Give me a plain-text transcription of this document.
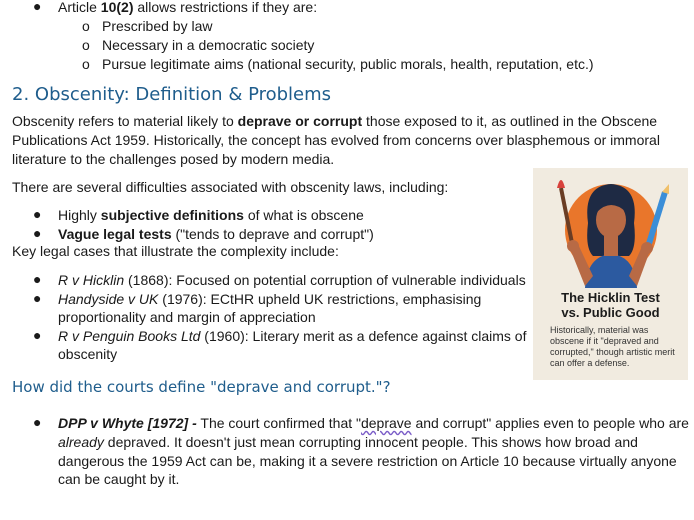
● Article 10(2) allows restrictions if they are:
o Prescribed by law
o Necessary in a democratic society
o Pursue legitimate aims (national security, public morals, health, reputation, etc.)
2. Obscenity: Definition & Problems
Obscenity refers to material likely to deprave or corrupt those exposed to it, as outlined in the Obscene
Publications Act 1959. Historically, the concept has evolved from concerns over blasphemous or immoral
literature to the challenges posed by modern media.
There are several difficulties associated with obscenity laws, including:
● Highly subjective definitions of what is obscene
● Vague legal tests ("tends to deprave and corrupt")
Key legal cases that illustrate the complexity include:
● R v Hicklin (1868): Focused on potential corruption of vulnerable individuals
● Handyside v UK (1976): ECtHR upheld UK restrictions, emphasising
proportionality and margin of appreciation
● R v Penguin Books Ltd (1960): Literary merit as a defence against claims of
obscenity
The Hicklin Test
vs. Public Good
Historically, material was obscene if it "depraved and corrupted," though artistic merit can offer a defense.
How did the courts define "deprave and corrupt."?
● DPP v Whyte [1972] - The court confirmed that "deprave and corrupt" applies even to people who are
already depraved. It doesn't just mean corrupting innocent people. This shows how broad and
dangerous the 1959 Act can be, making it a severe restriction on Article 10 because virtually anyone
can be caught by it.
